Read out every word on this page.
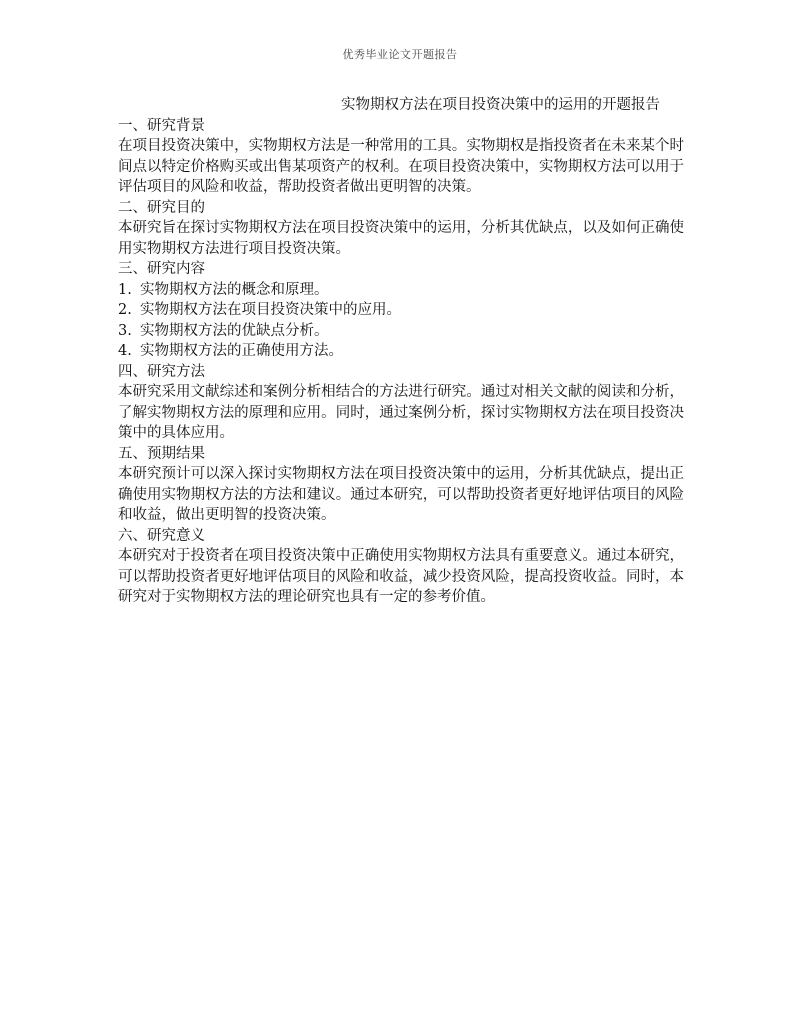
优秀毕业论文开题报告
实物期权方法在项目投资决策中的运用的开题报告
一、研究背景

在项目投资决策中，实物期权方法是一种常用的工具。实物期权是指投资者在未来某个时间点以特定价格购买或出售某项资产的权利。在项目投资决策中，实物期权方法可以用于评估项目的风险和收益，帮助投资者做出更明智的决策。

二、研究目的

本研究旨在探讨实物期权方法在项目投资决策中的运用，分析其优缺点，以及如何正确使用实物期权方法进行项目投资决策。

三、研究内容
1. 实物期权方法的概念和原理。
2. 实物期权方法在项目投资决策中的应用。
3. 实物期权方法的优缺点分析。
4. 实物期权方法的正确使用方法。
四、研究方法

本研究采用文献综述和案例分析相结合的方法进行研究。通过对相关文献的阅读和分析，了解实物期权方法的原理和应用。同时，通过案例分析，探讨实物期权方法在项目投资决策中的具体应用。

五、预期结果

本研究预计可以深入探讨实物期权方法在项目投资决策中的运用，分析其优缺点，提出正确使用实物期权方法的方法和建议。通过本研究，可以帮助投资者更好地评估项目的风险和收益，做出更明智的投资决策。

六、研究意义

本研究对于投资者在项目投资决策中正确使用实物期权方法具有重要意义。通过本研究，可以帮助投资者更好地评估项目的风险和收益，减少投资风险，提高投资收益。同时，本研究对于实物期权方法的理论研究也具有一定的参考价值。
